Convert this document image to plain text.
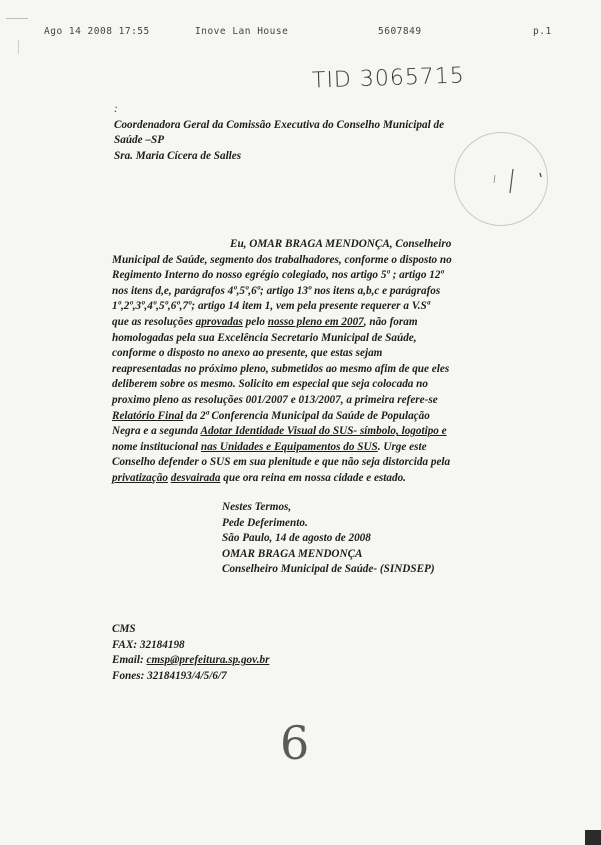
Ago 14 2008 17:55	Inove Lan House	5607849	p.1
TID 3065715
:
Coordenadora Geral da Comissão Executiva do Conselho Municipal de
Saúde –SP
Sra. Maria Cícera de Salles
Eu, OMAR BRAGA MENDONÇA, Conselheiro
Municipal de Saúde, segmento dos trabalhadores, conforme o disposto no
Regimento Interno do nosso egrégio colegiado, nos artigo 5º ; artigo 12º
nos itens d,e, parágrafos 4º,5º,6º; artigo 13º nos itens a,b,c e parágrafos
1º,2º,3º,4º,5º,6º,7º; artigo 14 item 1, vem pela presente requerer a V.Sª
que as resoluções aprovadas pelo nosso pleno em 2007, não foram
homologadas pela sua Excelência Secretario Municipal de Saúde,
conforme o disposto no anexo ao presente, que estas sejam
reapresentadas no próximo pleno, submetidos ao mesmo afim de que eles
deliberem sobre os mesmo. Solicito em especial que seja colocada no
proximo pleno as resoluções 001/2007 e 013/2007, a primeira refere-se
Relatório Final da 2ª Conferencia Municipal da Saúde de População
Negra e a segunda Adotar Identidade Visual do SUS- símbolo, logotipo e
nome institucional nas Unidades e Equipamentos do SUS. Urge este
Conselho defender o SUS em sua plenitude e que não seja distorcida pela
privatização desvairada que ora reina em nossa cidade e estado.
Nestes Termos,
Pede Deferimento.
São Paulo, 14 de agosto de 2008
OMAR BRAGA MENDONÇA
Conselheiro Municipal de Saúde- (SINDSEP)
CMS
FAX: 32184198
Email: cmsp@prefeitura.sp.gov.br
Fones: 32184193/4/5/6/7
6
